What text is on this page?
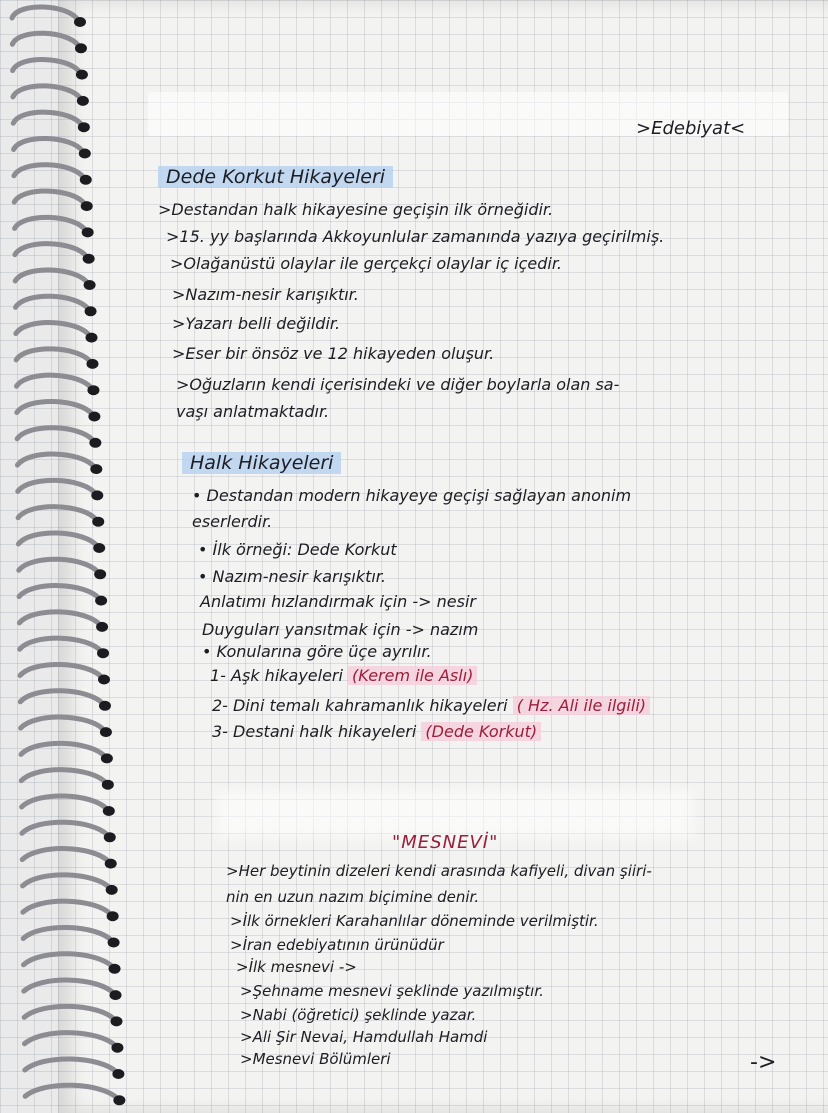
>Edebiyat<
Dede Korkut Hikayeleri
>Destandan halk hikayesine geçişin ilk örneğidir.
>15. yy başlarında Akkoyunlular zamanında yazıya geçirilmiş.
>Olağanüstü olaylar ile gerçekçi olaylar iç içedir.
>Nazım-nesir karışıktır.
>Yazarı belli değildir.
>Eser bir önsöz ve 12 hikayeden oluşur.
>Oğuzların kendi içerisindeki ve diğer boylarla olan sa-
vaşı anlatmaktadır.
Halk Hikayeleri
• Destandan modern hikayeye geçişi sağlayan anonim
eserlerdir.
• İlk örneği: Dede Korkut
• Nazım-nesir karışıktır.
Anlatımı hızlandırmak için -> nesir
Duyguları yansıtmak için -> nazım
• Konularına göre üçe ayrılır.
1- Aşk hikayeleri (Kerem ile Aslı)
2- Dini temalı kahramanlık hikayeleri ( Hz. Ali ile ilgili)
3- Destani halk hikayeleri (Dede Korkut)
"MESNEVİ"
>Her beytinin dizeleri kendi arasında kafiyeli, divan şiiri-
nin en uzun nazım biçimine denir.
>İlk örnekleri Karahanlılar döneminde verilmiştir.
>İran edebiyatının ürünüdür
>İlk mesnevi ->
>Şehname mesnevi şeklinde yazılmıştır.
>Nabi (öğretici) şeklinde yazar.
>Ali Şir Nevai, Hamdullah Hamdi
>Mesnevi Bölümleri	->
